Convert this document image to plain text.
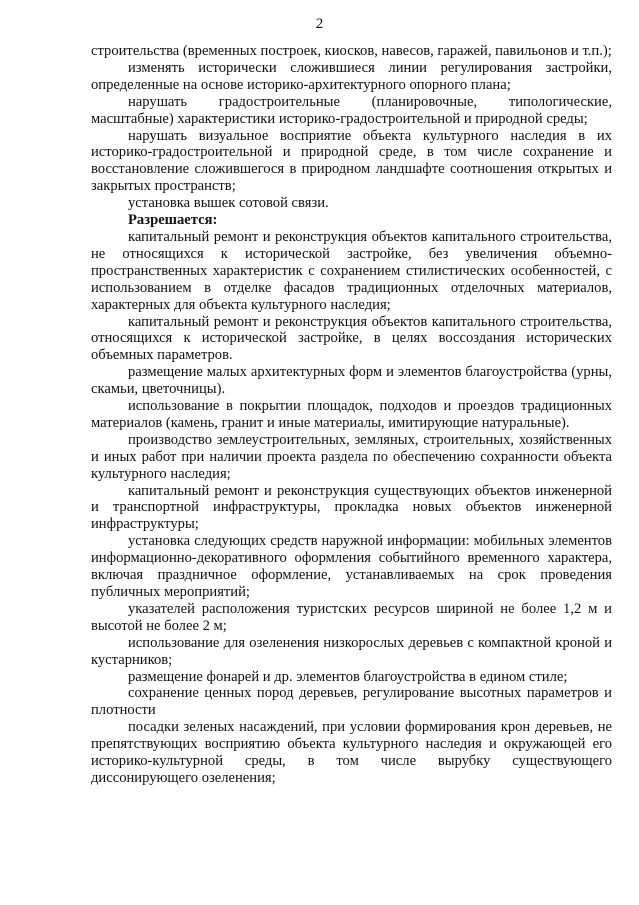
2

строительства (временных построек, киосков, навесов, гаражей, павильонов и т.п.);

изменять исторически сложившиеся линии регулирования застройки, определенные на основе историко-архитектурного опорного плана;

нарушать градостроительные (планировочные, типологические, масштабные) характеристики историко-градостроительной и природной среды;

нарушать визуальное восприятие объекта культурного наследия в их историко-градостроительной и природной среде, в том числе сохранение и восстановление сложившегося в природном ландшафте соотношения открытых и закрытых пространств;

установка вышек сотовой связи.

Разрешается:

капитальный ремонт и реконструкция объектов капитального строительства, не относящихся к исторической застройке, без увеличения объемно-пространственных характеристик с сохранением стилистических особенностей, с использованием в отделке фасадов традиционных отделочных материалов, характерных для объекта культурного наследия;

капитальный ремонт и реконструкция объектов капитального строительства, относящихся к исторической застройке, в целях воссоздания исторических объемных параметров.

размещение малых архитектурных форм и элементов благоустройства (урны, скамьи, цветочницы).

использование в покрытии площадок, подходов и проездов традиционных материалов (камень, гранит и иные материалы, имитирующие натуральные).

производство землеустроительных, земляных, строительных, хозяйственных и иных работ при наличии проекта раздела по обеспечению сохранности объекта культурного наследия;

капитальный ремонт и реконструкция существующих объектов инженерной и транспортной инфраструктуры, прокладка новых объектов инженерной инфраструктуры;

установка следующих средств наружной информации: мобильных элементов информационно-декоративного оформления событийного временного характера, включая праздничное оформление, устанавливаемых на срок проведения публичных мероприятий;

указателей расположения туристских ресурсов шириной не более 1,2 м и высотой не более 2 м;

использование для озеленения низкорослых деревьев с компактной кроной и кустарников;

размещение фонарей и др. элементов благоустройства в едином стиле;

сохранение ценных пород деревьев, регулирование высотных параметров и плотности

посадки зеленых насаждений, при условии формирования крон деревьев, не препятствующих восприятию объекта культурного наследия и окружающей его историко-культурной среды, в том числе вырубку существующего диссонирующего озеленения;
